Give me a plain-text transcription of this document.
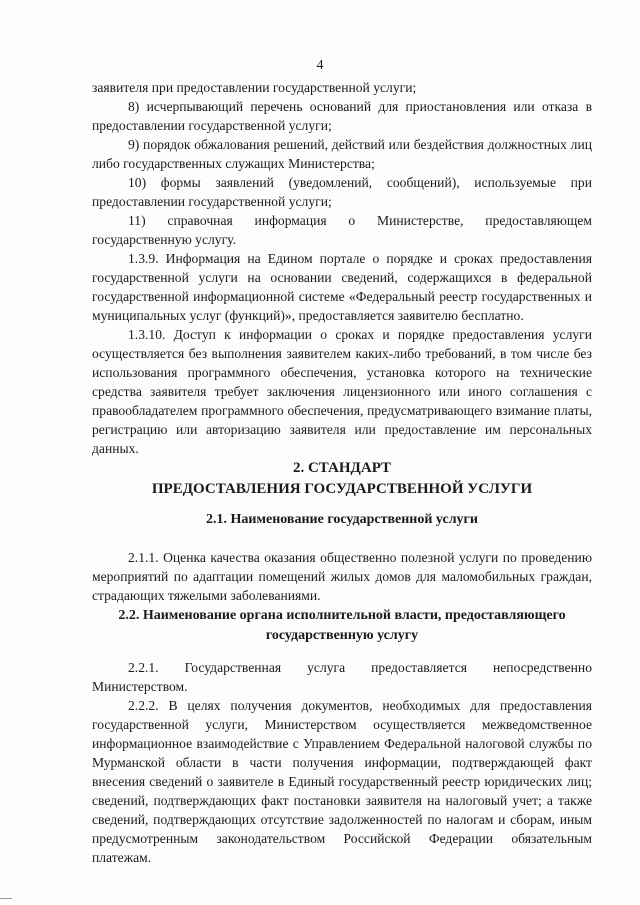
4

заявителя при предоставлении государственной услуги;

8) исчерпывающий перечень оснований для приостановления или отказа в предоставлении государственной услуги;

9) порядок обжалования решений, действий или бездействия должностных лиц либо государственных служащих Министерства;

10) формы заявлений (уведомлений, сообщений), используемые при предоставлении государственной услуги;

11) справочная информация о Министерстве, предоставляющем государственную услугу.

1.3.9. Информация на Едином портале о порядке и сроках предоставления государственной услуги на основании сведений, содержащихся в федеральной государственной информационной системе «Федеральный реестр государственных и муниципальных услуг (функций)», предоставляется заявителю бесплатно.

1.3.10. Доступ к информации о сроках и порядке предоставления услуги осуществляется без выполнения заявителем каких-либо требований, в том числе без использования программного обеспечения, установка которого на технические средства заявителя требует заключения лицензионного или иного соглашения с правообладателем программного обеспечения, предусматривающего взимание платы, регистрацию или авторизацию заявителя или предоставление им персональных данных.

2. СТАНДАРТ
ПРЕДОСТАВЛЕНИЯ ГОСУДАРСТВЕННОЙ УСЛУГИ
2.1. Наименование государственной услуги

2.1.1. Оценка качества оказания общественно полезной услуги по проведению мероприятий по адаптации помещений жилых домов для маломобильных граждан, страдающих тяжелыми заболеваниями.

2.2. Наименование органа исполнительной власти, предоставляющего
государственную услугу

2.2.1. Государственная услуга предоставляется непосредственно Министерством.

2.2.2. В целях получения документов, необходимых для предоставления государственной услуги, Министерством осуществляется межведомственное информационное взаимодействие с Управлением Федеральной налоговой службы по Мурманской области в части получения информации, подтверждающей факт внесения сведений о заявителе в Единый государственный реестр юридических лиц; сведений, подтверждающих факт постановки заявителя на налоговый учет; а также сведений, подтверждающих отсутствие задолженностей по налогам и сборам, иным предусмотренным законодательством Российской Федерации обязательным платежам.
